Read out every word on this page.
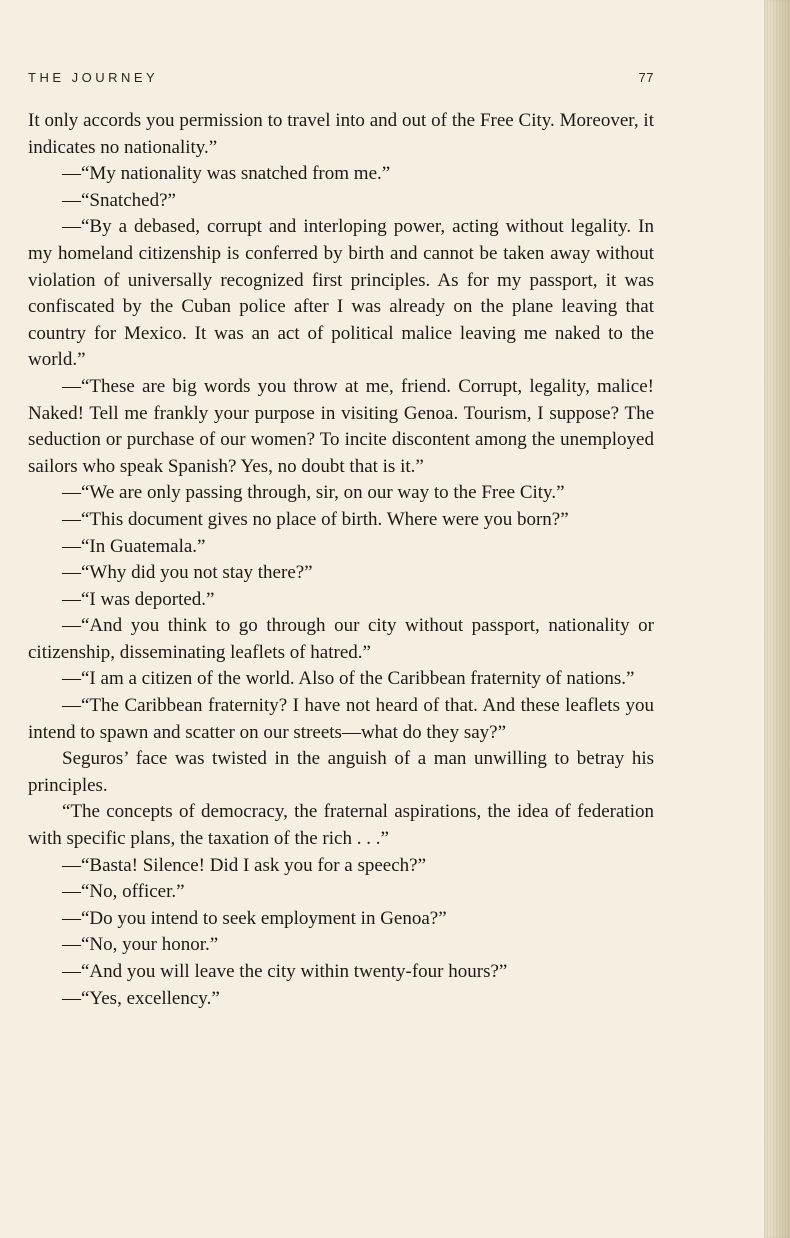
THE JOURNEY	77

It only accords you permission to travel into and out of the Free City. Moreover, it indicates no nationality.”

—“My nationality was snatched from me.”

—“Snatched?”

—“By a debased, corrupt and interloping power, acting without legality. In my homeland citizenship is conferred by birth and cannot be taken away without violation of universally recognized first principles. As for my passport, it was confiscated by the Cuban police after I was already on the plane leaving that country for Mexico. It was an act of political malice leaving me naked to the world.”

—“These are big words you throw at me, friend. Corrupt, legality, malice! Naked! Tell me frankly your purpose in visiting Genoa. Tourism, I suppose? The seduction or purchase of our women? To incite discontent among the unemployed sailors who speak Spanish? Yes, no doubt that is it.”

—“We are only passing through, sir, on our way to the Free City.”

—“This document gives no place of birth. Where were you born?”

—“In Guatemala.”

—“Why did you not stay there?”

—“I was deported.”

—“And you think to go through our city without passport, nationality or citizenship, disseminating leaflets of hatred.”

—“I am a citizen of the world. Also of the Caribbean fraternity of nations.”

—“The Caribbean fraternity? I have not heard of that. And these leaflets you intend to spawn and scatter on our streets—what do they say?”

Seguros’ face was twisted in the anguish of a man unwilling to betray his principles.

“The concepts of democracy, the fraternal aspirations, the idea of federation with specific plans, the taxation of the rich . . .”

—“Basta! Silence! Did I ask you for a speech?”

—“No, officer.”

—“Do you intend to seek employment in Genoa?”

—“No, your honor.”

—“And you will leave the city within twenty-four hours?”

—“Yes, excellency.”
